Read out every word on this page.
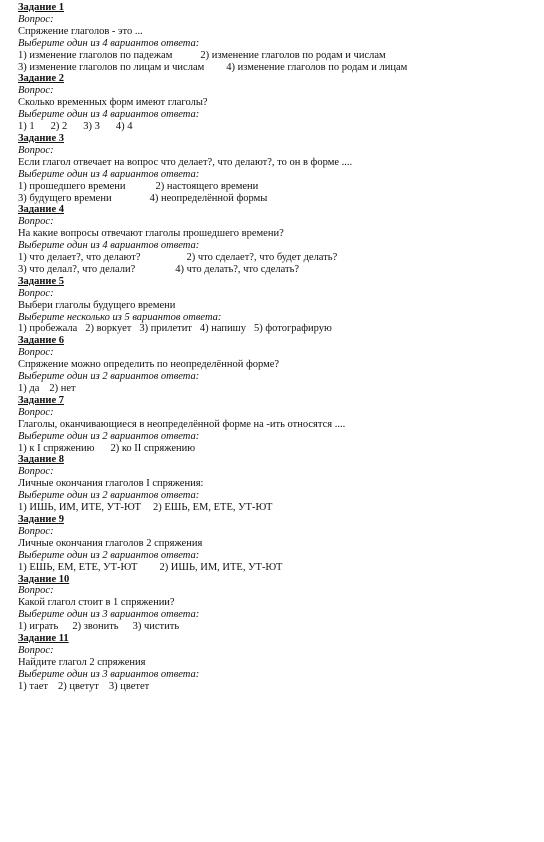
Задание 1
Вопрос:
Спряжение глаголов - это ...
Выберите один из 4 вариантов ответа:
1) изменение глаголов по падежам	2) изменение глаголов по родам и числам
3) изменение глаголов по лицам и числам 4) изменение глаголов по родам и лицам
Задание 2
Вопрос:
Сколько временных форм имеют глаголы?
Выберите один из 4 вариантов ответа:
1) 1 2) 2 3) 3 4) 4
Задание 3
Вопрос:
Если глагол отвечает на вопрос что делает?, что делают?, то он в форме ....
Выберите один из 4 вариантов ответа:
1) прошедшего времени	2) настоящего времени
3) будущего времени	4) неопределённой формы
Задание 4
Вопрос:
На какие вопросы отвечают глаголы прошедшего времени?
Выберите один из 4 вариантов ответа:
1) что делает?, что делают?	2) что сделает?, что будет делать?
3) что делал?, что делали?	4) что делать?, что сделать?
Задание 5
Вопрос:
Выбери глаголы будущего времени
Выберите несколько из 5 вариантов ответа:
1) пробежала 2) воркует 3) прилетит 4) напишу 5) фотографирую
Задание 6
Вопрос:
Спряжение можно определить по неопределённой форме?
Выберите один из 2 вариантов ответа:
1) да 2) нет
Задание 7
Вопрос:
Глаголы, оканчивающиеся в неопределённой форме на -ить относятся ....
Выберите один из 2 вариантов ответа:
1) к I спряжению 2) ко II спряжению
Задание 8
Вопрос:
Личные окончания глаголов I спряжения:
Выберите один из 2 вариантов ответа:
1) ИШЬ, ИМ, ИТЕ, УТ-ЮТ 2) ЕШЬ, ЕМ, ЕТЕ, УТ-ЮТ
Задание 9
Вопрос:
Личные окончания глаголов 2 спряжения
Выберите один из 2 вариантов ответа:
1) ЕШЬ, ЕМ, ЕТЕ, УТ-ЮТ 2) ИШЬ, ИМ, ИТЕ, УТ-ЮТ
Задание 10
Вопрос:
Какой глагол стоит в 1 спряжении?
Выберите один из 3 вариантов ответа:
1) играть 2) звонить 3) чистить
Задание 11
Вопрос:
Найдите глагол 2 спряжения
Выберите один из 3 вариантов ответа:
1) тает 2) цветут 3) цветет
